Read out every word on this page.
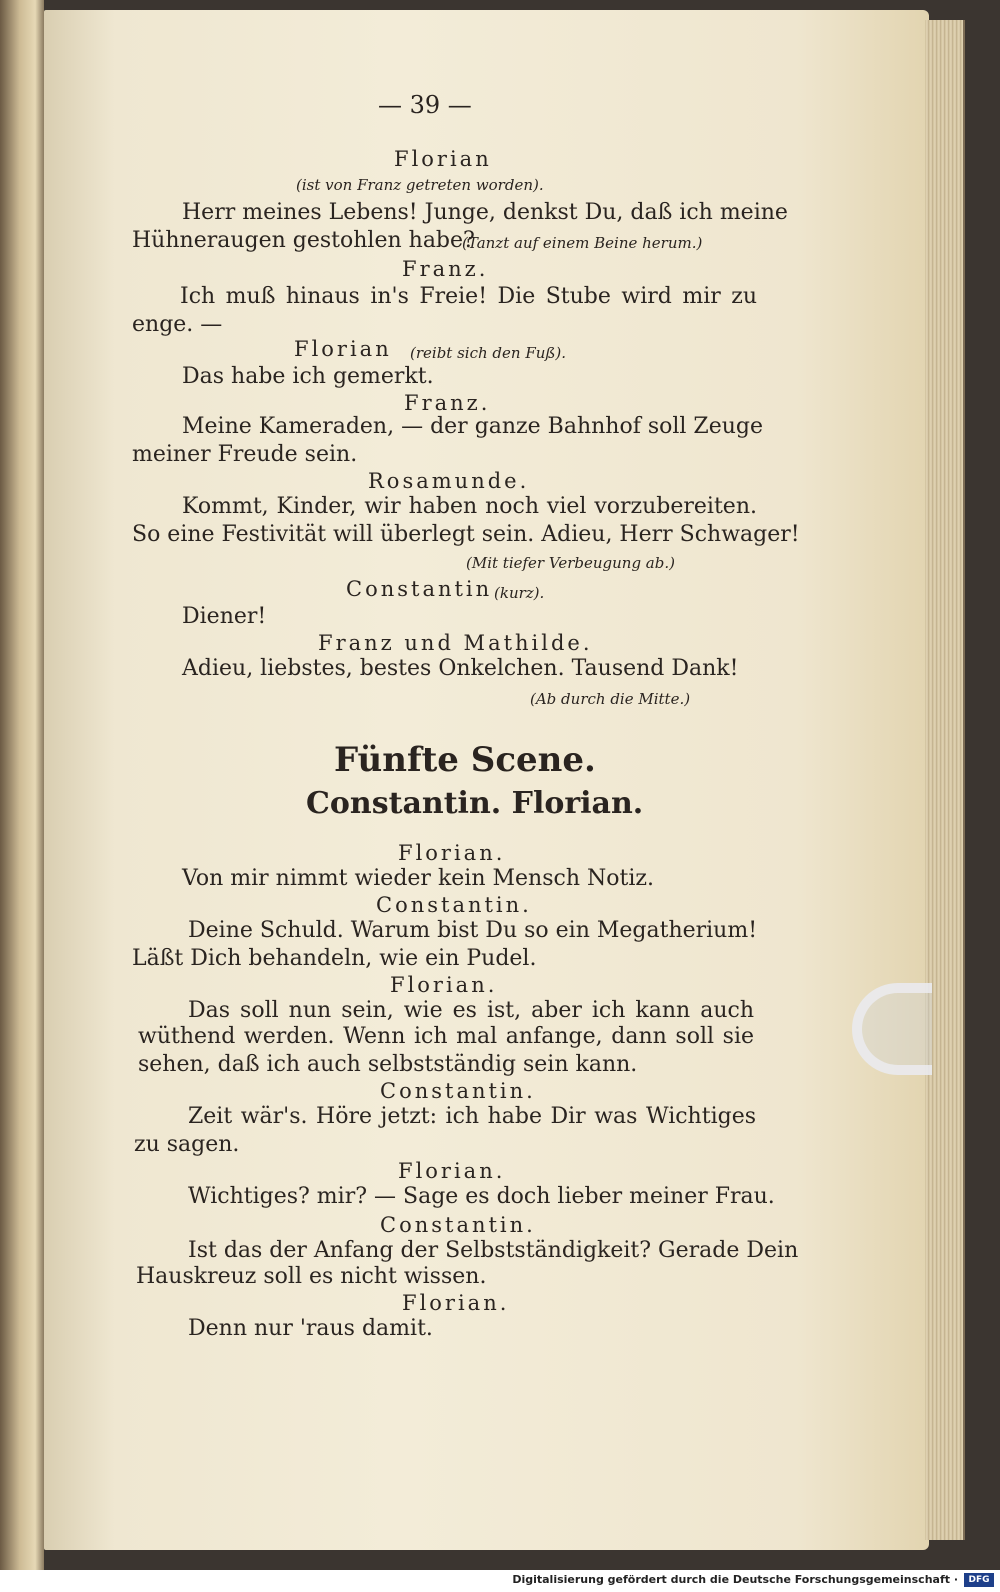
— 39 —
Florian
(ist von Franz getreten worden).
Herr meines Lebens! Junge, denkst Du, daß ich meine
Hühneraugen gestohlen habe?
(Tanzt auf einem Beine herum.)
Franz.
Ich muß hinaus in's Freie! Die Stube wird mir zu
enge. —
Florian (reibt sich den Fuß).
Das habe ich gemerkt.
Franz.
Meine Kameraden, — der ganze Bahnhof soll Zeuge
meiner Freude sein.
Rosamunde.
Kommt, Kinder, wir haben noch viel vorzubereiten.
So eine Festivität will überlegt sein. Adieu, Herr Schwager!
(Mit tiefer Verbeugung ab.)
Constantin (kurz).
Diener!
Franz und Mathilde.
Adieu, liebstes, bestes Onkelchen. Tausend Dank!
(Ab durch die Mitte.)
Fünfte Scene.
Constantin. Florian.
Florian.
Von mir nimmt wieder kein Mensch Notiz.
Constantin.
Deine Schuld. Warum bist Du so ein Megatherium!
Läßt Dich behandeln, wie ein Pudel.
Florian.
Das soll nun sein, wie es ist, aber ich kann auch
wüthend werden. Wenn ich mal anfange, dann soll sie
sehen, daß ich auch selbstständig sein kann.
Constantin.
Zeit wär's. Höre jetzt: ich habe Dir was Wichtiges
zu sagen.
Florian.
Wichtiges? mir? — Sage es doch lieber meiner Frau.
Constantin.
Ist das der Anfang der Selbstständigkeit? Gerade Dein
Hauskreuz soll es nicht wissen.
Florian.
Denn nur 'raus damit.
Digitalisierung gefördert durch die Deutsche Forschungsgemeinschaft ·	DFG
